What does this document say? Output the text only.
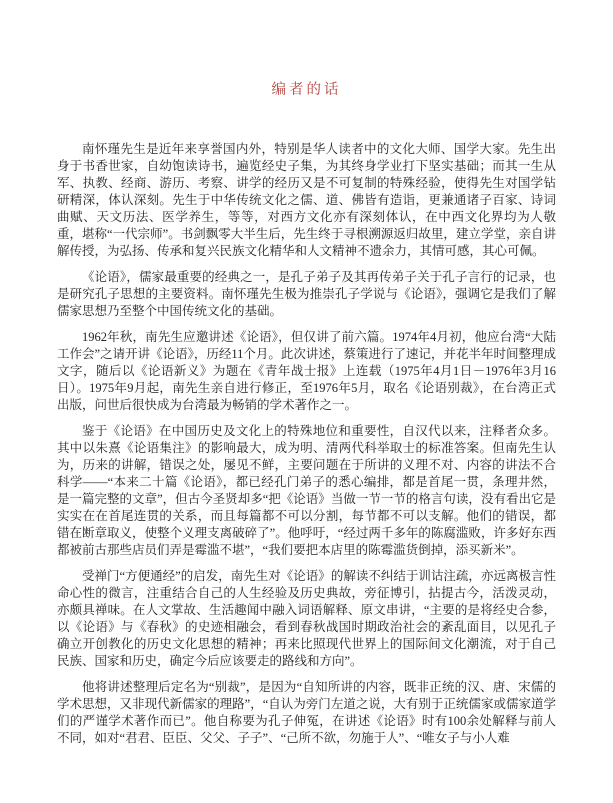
编者的话

南怀瑾先生是近年来享誉国内外，特别是华人读者中的文化大师、国学大家。先生出身于书香世家，自幼饱读诗书，遍览经史子集，为其终身学业打下坚实基础；而其一生从军、执教、经商、游历、考察、讲学的经历又是不可复制的特殊经验，使得先生对国学钻研精深，体认深刻。先生于中华传统文化之儒、道、佛皆有造诣，更兼通诸子百家、诗词曲赋、天文历法、医学养生，等等，对西方文化亦有深刻体认，在中西文化界均为人敬重，堪称“一代宗师”。书剑飘零大半生后，先生终于寻根溯源返归故里，建立学堂，亲自讲解传授，为弘扬、传承和复兴民族文化精华和人文精神不遗余力，其情可感，其心可佩。

《论语》，儒家最重要的经典之一，是孔子弟子及其再传弟子关于孔子言行的记录，也是研究孔子思想的主要资料。南怀瑾先生极为推崇孔子学说与《论语》，强调它是我们了解儒家思想乃至整个中国传统文化的基础。

1962年秋，南先生应邀讲述《论语》，但仅讲了前六篇。1974年4月初，他应台湾“大陆工作会”之请开讲《论语》，历经11个月。此次讲述，蔡策进行了速记，并花半年时间整理成文字，随后以《论语新义》为题在《青年战士报》上连载（1975年4月1日－1976年3月16日）。1975年9月起，南先生亲自进行修正，至1976年5月，取名《论语别裁》，在台湾正式出版，问世后很快成为台湾最为畅销的学术著作之一。

鉴于《论语》在中国历史及文化上的特殊地位和重要性，自汉代以来，注释者众多。其中以朱熹《论语集注》的影响最大，成为明、清两代科举取士的标准答案。但南先生认为，历来的讲解，错误之处，屡见不鲜，主要问题在于所讲的义理不对、内容的讲法不合科学——“本来二十篇《论语》，都已经孔门弟子的悉心编排，都是首尾一贯，条理井然，是一篇完整的文章”，但古今圣贤却多“把《论语》当做一节一节的格言句读，没有看出它是实实在在首尾连贯的关系，而且每篇都不可以分割，每节都不可以支解。他们的错误，都错在断章取义，使整个义理支离破碎了”。他呼吁，“经过两千多年的陈腐滥败，许多好东西都被前古那些店员们弄是霉滥不堪”，“我们要把本店里的陈霉滥货倒掉，添买新米”。

受禅门“方便通经”的启发，南先生对《论语》的解读不纠结于训诂注疏，亦远离极言性命心性的微言，注重结合自己的人生经验及历史典故，旁征博引，拈提古今，活泼灵动，亦颇具禅味。在人文掌故、生活趣闻中融入词语解释、原文串讲，“主要的是将经史合参，以《论语》与《春秋》的史迹相融会，看到春秋战国时期政治社会的紊乱面目，以见孔子确立开创教化的历史文化思想的精神；再来比照现代世界上的国际间文化潮流，对于自己民族、国家和历史，确定今后应该要走的路线和方向”。

他将讲述整理后定名为“别裁”，是因为“自知所讲的内容，既非正统的汉、唐、宋儒的学术思想，又非现代新儒家的理路”，“自认为旁门左道之说，大有别于正统儒家或儒家道学们的严谨学术著作而已”。他自称要为孔子伸冤，在讲述《论语》时有100余处解释与前人不同，如对“君君、臣臣、父父、子子”、“己所不欲，勿施于人”、“唯女子与小人难
